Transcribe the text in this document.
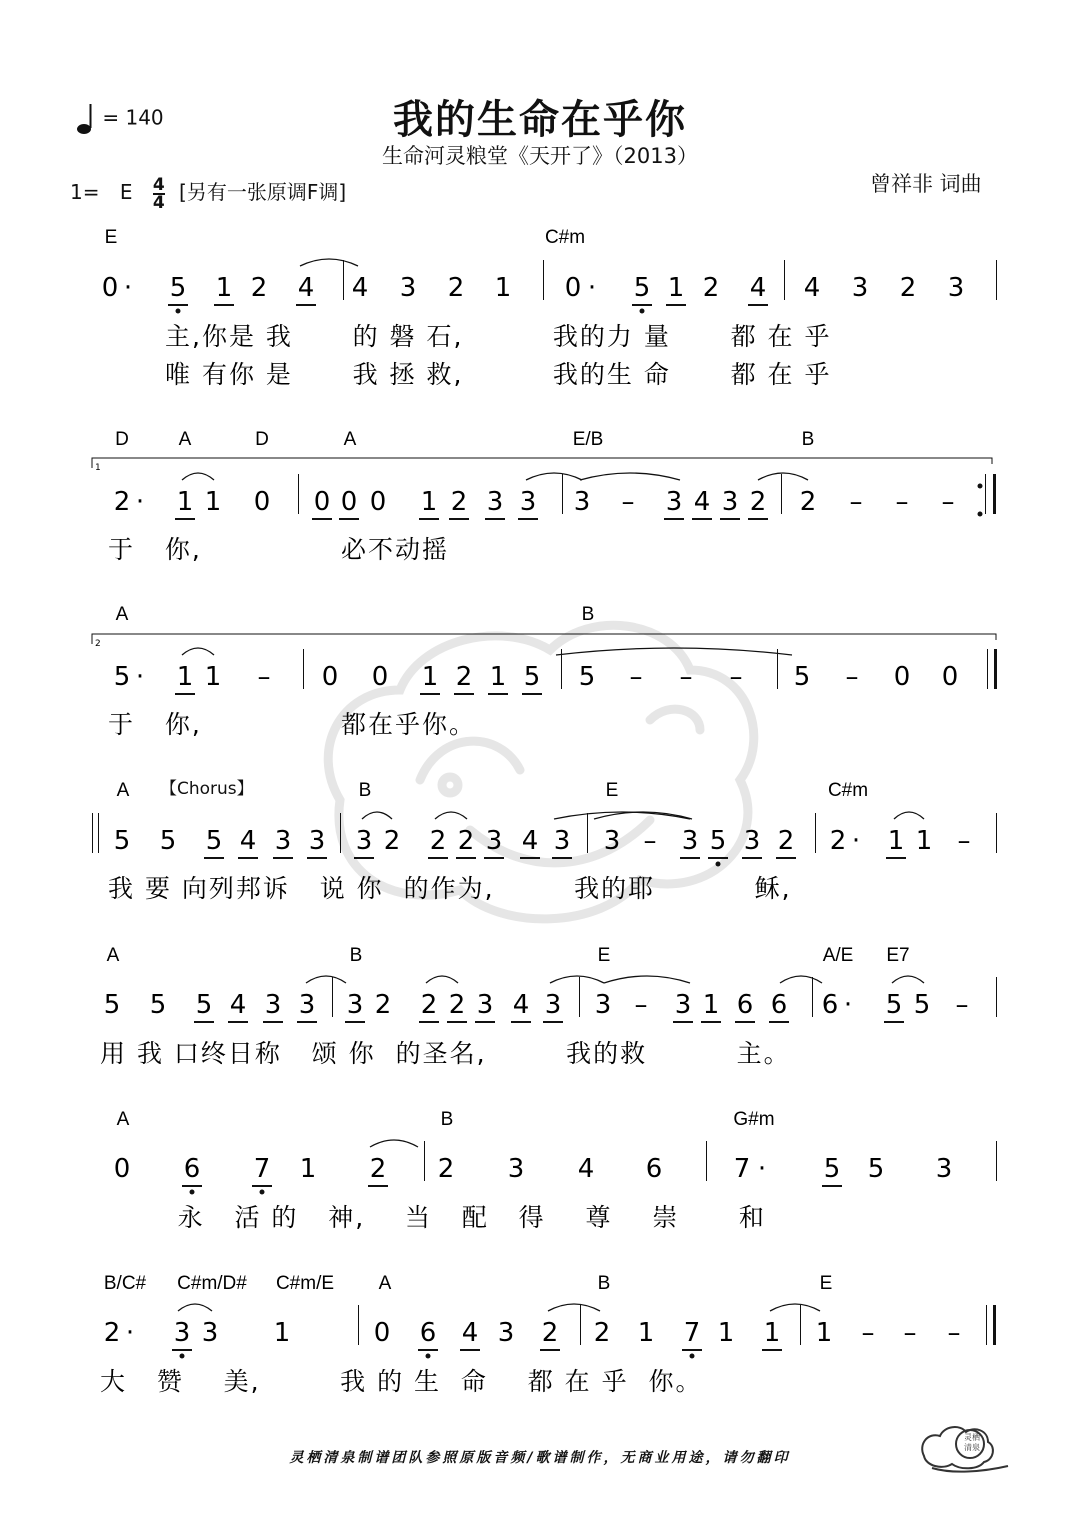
= 140	我的生命在乎你
生命河灵粮堂《天开了》（2013）
1= E $\frac{4}{4}$ [另有一张原调F调]	曾祥非 词曲
E	C#m
0 · 5 1 2 4 4 3 2 1 0 · 5 1 2 4 4 3 2 3
主,你是 我      的 磐 石,         我的力 量      都 在 乎
唯 有你 是      我 拯 救,         我的生 命      都 在 乎
D	A	D	A	E/B	B
2 · 1 1 0 0 0 0 1 2 3 3 3 – 3 4 3 2 2 – – –
1
于   你,              必不动摇
A	B
5 · 1 1 – 0 0 1 2 1 5 5 – – – 5 – 0 0
2
于   你,              都在乎你。
A	B	E	C#m
5 5 5 4 3 3 3 2 2 2 3 4 3 3 – 3 5 3 2 2 · 1 1 –
我 要 向列邦诉   说 你  的作为,        我的耶          稣,
A	B	E	A/E E7
5 5 5 4 3 3 3 2 2 2 3 4 3 3 – 3 1 6 6 6 · 5 5 –
用 我 口终日称   颂 你  的圣名,        我的救         主。
A	B	G#m
0 6 7 1 2 2 3 4 6	7 · 5 5 3
永   活 的   神,    当   配   得    尊    崇      和
B/C# C#m/D# C#m/E A	B	E
2 · 3 3 1	0 6 4 3 2 2 1 7 1 1 1 – – –
大   赞    美,        我 的 生  命    都 在 乎  你。
【Chorus】
灵栖清泉制谱团队参照原版音频/歌谱制作，无商业用途，请勿翻印
灵栖
清泉
